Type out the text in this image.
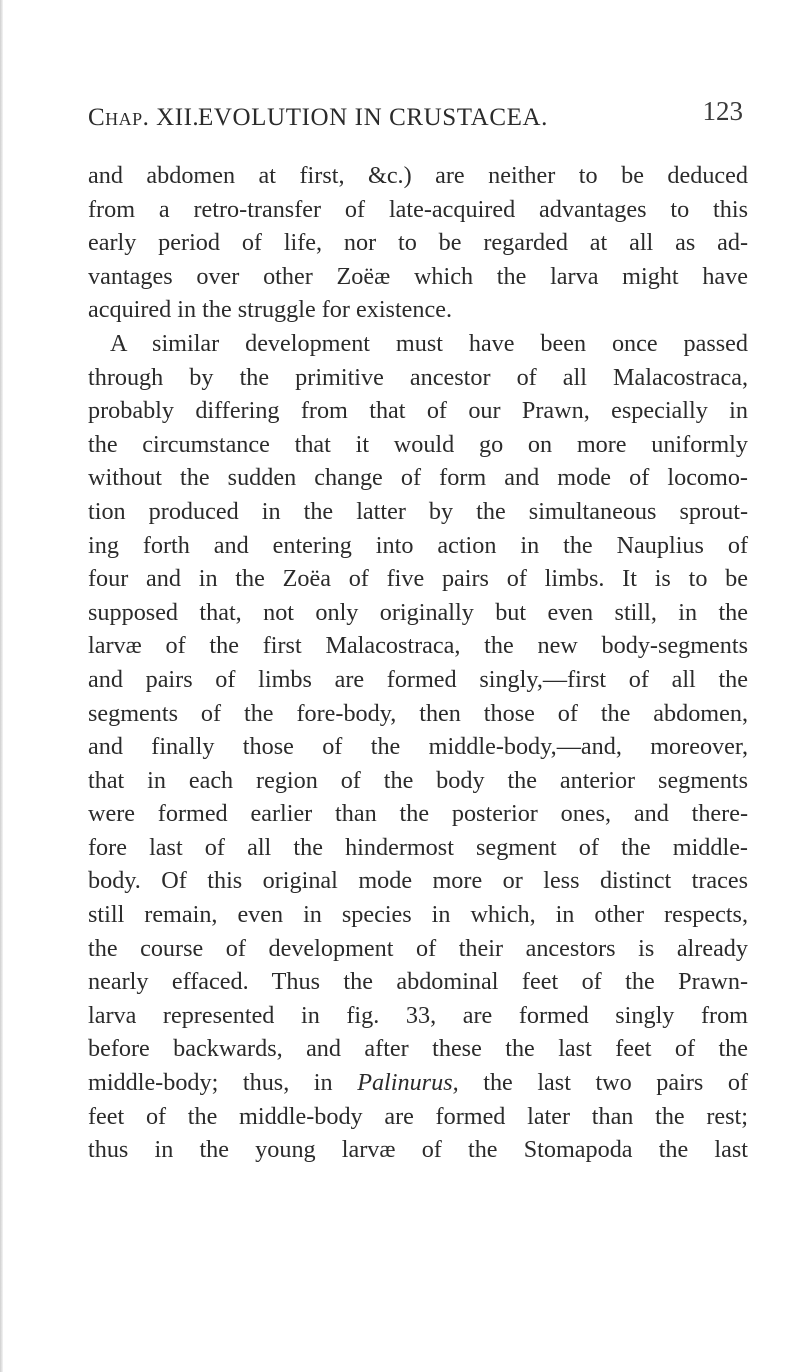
Chap. XII.
EVOLUTION IN CRUSTACEA.	123
and abdomen at first, &c.) are neither to be deduced
from a retro-transfer of late-acquired advantages to this
early period of life, nor to be regarded at all as ad-
vantages over other Zoëæ which the larva might have
acquired in the struggle for existence.
A similar development must have been once passed
through by the primitive ancestor of all Malacostraca,
probably differing from that of our Prawn, especially in
the circumstance that it would go on more uniformly
without the sudden change of form and mode of locomo-
tion produced in the latter by the simultaneous sprout-
ing forth and entering into action in the Nauplius of
four and in the Zoëa of five pairs of limbs. It is to be
supposed that, not only originally but even still, in the
larvæ of the first Malacostraca, the new body-segments
and pairs of limbs are formed singly,—first of all the
segments of the fore-body, then those of the abdomen,
and finally those of the middle-body,—and, moreover,
that in each region of the body the anterior segments
were formed earlier than the posterior ones, and there-
fore last of all the hindermost segment of the middle-
body. Of this original mode more or less distinct traces
still remain, even in species in which, in other respects,
the course of development of their ancestors is already
nearly effaced. Thus the abdominal feet of the Prawn-
larva represented in fig. 33, are formed singly from
before backwards, and after these the last feet of the
middle-body; thus, in Palinurus, the last two pairs of
feet of the middle-body are formed later than the rest;
thus in the young larvæ of the Stomapoda the last
